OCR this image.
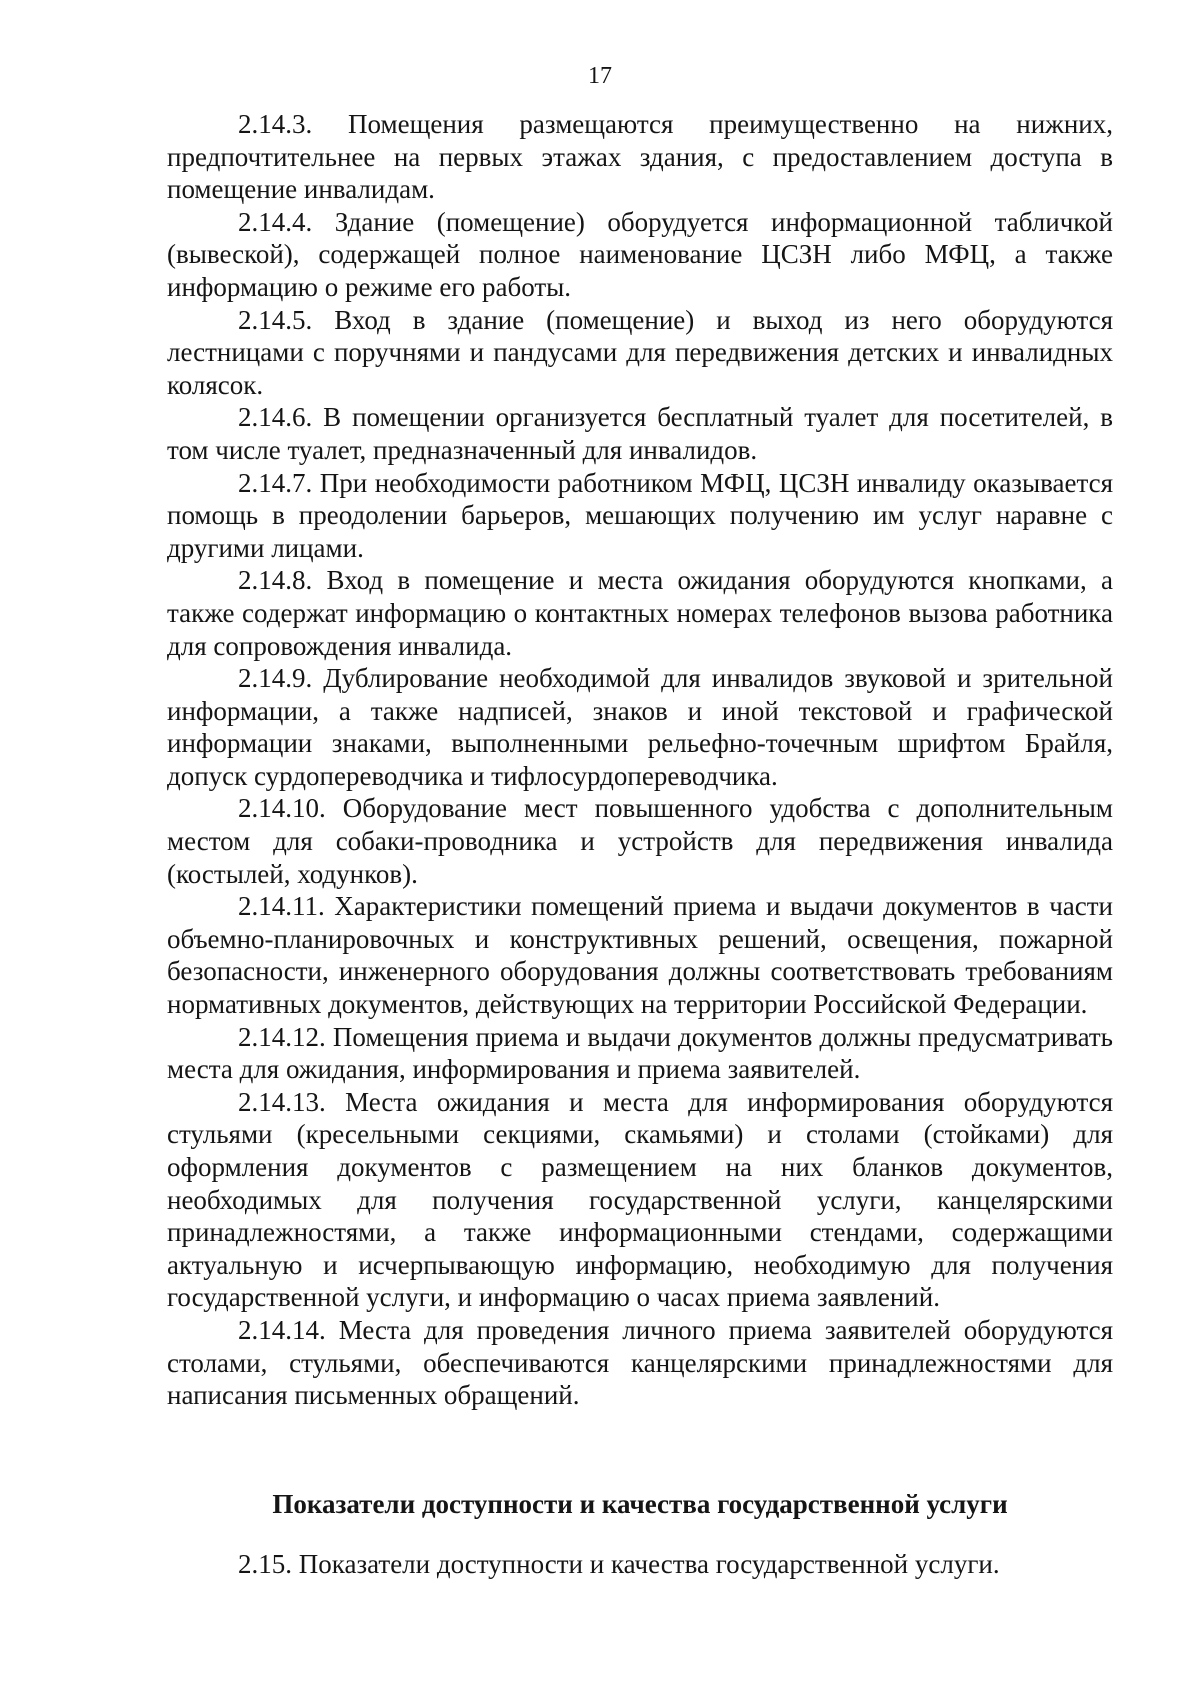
17

2.14.3. Помещения размещаются преимущественно на нижних, предпочтительнее на первых этажах здания, с предоставлением доступа в помещение инвалидам.

2.14.4. Здание (помещение) оборудуется информационной табличкой (вывеской), содержащей полное наименование ЦСЗН либо МФЦ, а также информацию о режиме его работы.

2.14.5. Вход в здание (помещение) и выход из него оборудуются лестницами с поручнями и пандусами для передвижения детских и инвалидных колясок.

2.14.6. В помещении организуется бесплатный туалет для посетителей, в том числе туалет, предназначенный для инвалидов.

2.14.7. При необходимости работником МФЦ, ЦСЗН инвалиду оказывается помощь в преодолении барьеров, мешающих получению им услуг наравне с другими лицами.

2.14.8. Вход в помещение и места ожидания оборудуются кнопками, а также содержат информацию о контактных номерах телефонов вызова работника для сопровождения инвалида.

2.14.9. Дублирование необходимой для инвалидов звуковой и зрительной информации, а также надписей, знаков и иной текстовой и графической информации знаками, выполненными рельефно-точечным шрифтом Брайля, допуск сурдопереводчика и тифлосурдопереводчика.

2.14.10. Оборудование мест повышенного удобства с дополнительным местом для собаки-проводника и устройств для передвижения инвалида (костылей, ходунков).

2.14.11. Характеристики помещений приема и выдачи документов в части объемно-планировочных и конструктивных решений, освещения, пожарной безопасности, инженерного оборудования должны соответствовать требованиям нормативных документов, действующих на территории Российской Федерации.

2.14.12. Помещения приема и выдачи документов должны предусматривать места для ожидания, информирования и приема заявителей.

2.14.13. Места ожидания и места для информирования оборудуются стульями (кресельными секциями, скамьями) и столами (стойками) для оформления документов с размещением на них бланков документов, необходимых для получения государственной услуги, канцелярскими принадлежностями, а также информационными стендами, содержащими актуальную и исчерпывающую информацию, необходимую для получения государственной услуги, и информацию о часах приема заявлений.

2.14.14. Места для проведения личного приема заявителей оборудуются столами, стульями, обеспечиваются канцелярскими принадлежностями для написания письменных обращений.

Показатели доступности и качества государственной услуги
2.15. Показатели доступности и качества государственной услуги.
